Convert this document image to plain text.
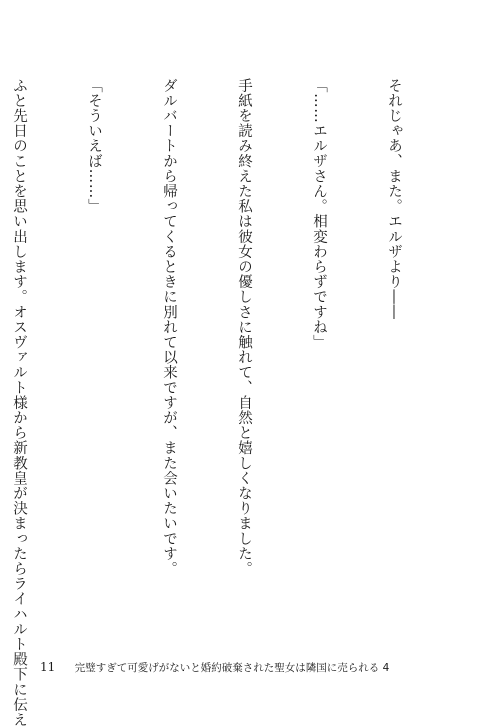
それじゃあ、また。エルザより――

「……エルザさん。相変わらずですね」

手紙を読み終えた私は彼女の優しさに触れて、自然と嬉しくなりました。

ダルバートから帰ってくるときに別れて以来ですが、また会いたいです。

「そういえば……」

ふと先日のことを思い出します。オスヴァルト様から新教皇が決まったらライハルト殿下に伝え

	11 完璧すぎて可愛げがないと婚約破棄された聖女は隣国に売られる 4
